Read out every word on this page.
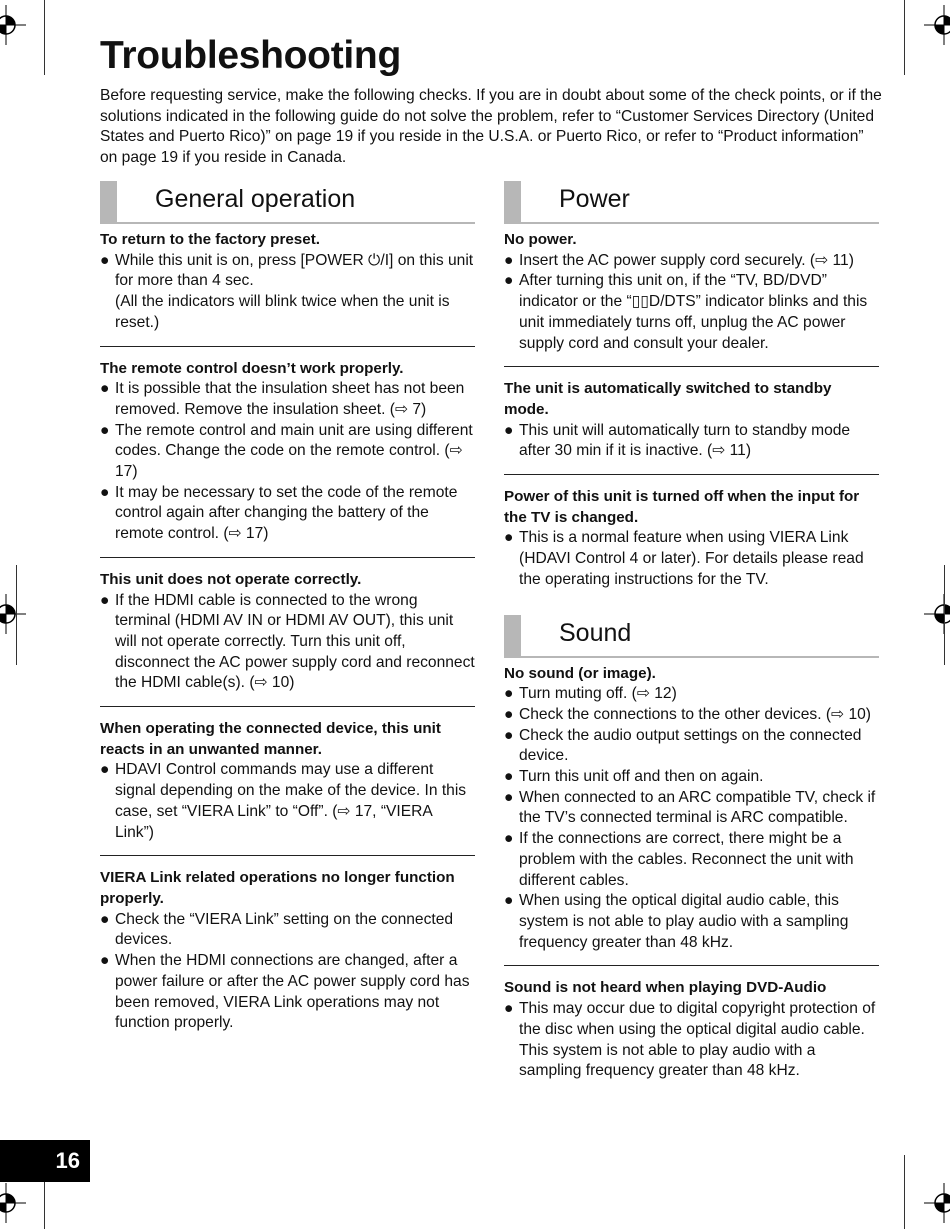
Troubleshooting

Before requesting service, make the following checks. If you are in doubt about some of the check points, or if the solutions indicated in the following guide do not solve the problem, refer to “Customer Services Directory (United States and Puerto Rico)” on page 19 if you reside in the U.S.A. or Puerto Rico, or refer to “Product information” on page 19 if you reside in Canada.

General operation
To return to the factory preset.
● While this unit is on, press [POWER ⏻/I] on this unit for more than 4 sec.
(All the indicators will blink twice when the unit is reset.)
The remote control doesn’t work properly.
● It is possible that the insulation sheet has not been removed. Remove the insulation sheet. (⇨ 7)
● The remote control and main unit are using different codes. Change the code on the remote control. (⇨ 17)
● It may be necessary to set the code of the remote control again after changing the battery of the remote control. (⇨ 17)
This unit does not operate correctly.
● If the HDMI cable is connected to the wrong terminal (HDMI AV IN or HDMI AV OUT), this unit will not operate correctly. Turn this unit off, disconnect the AC power supply cord and reconnect the HDMI cable(s). (⇨ 10)
When operating the connected device, this unit reacts in an unwanted manner.
● HDAVI Control commands may use a different signal depending on the make of the device. In this case, set “VIERA Link” to “Off”. (⇨ 17, “VIERA Link”)
VIERA Link related operations no longer function properly.
● Check the “VIERA Link” setting on the connected devices.
● When the HDMI connections are changed, after a power failure or after the AC power supply cord has been removed, VIERA Link operations may not function properly.
Power
No power.
● Insert the AC power supply cord securely. (⇨ 11)
● After turning this unit on, if the “TV, BD/DVD” indicator or the “▯▯D/DTS” indicator blinks and this unit immediately turns off, unplug the AC power supply cord and consult your dealer.
The unit is automatically switched to standby mode.
● This unit will automatically turn to standby mode after 30 min if it is inactive. (⇨ 11)
Power of this unit is turned off when the input for the TV is changed.
● This is a normal feature when using VIERA Link (HDAVI Control 4 or later). For details please read the operating instructions for the TV.
Sound
No sound (or image).
● Turn muting off. (⇨ 12)
● Check the connections to the other devices. (⇨ 10)
● Check the audio output settings on the connected device.
● Turn this unit off and then on again.
● When connected to an ARC compatible TV, check if the TV’s connected terminal is ARC compatible.
● If the connections are correct, there might be a problem with the cables. Reconnect the unit with different cables.
● When using the optical digital audio cable, this system is not able to play audio with a sampling frequency greater than 48 kHz.
Sound is not heard when playing DVD-Audio
● This may occur due to digital copyright protection of the disc when using the optical digital audio cable. This system is not able to play audio with a sampling frequency greater than 48 kHz.
16
